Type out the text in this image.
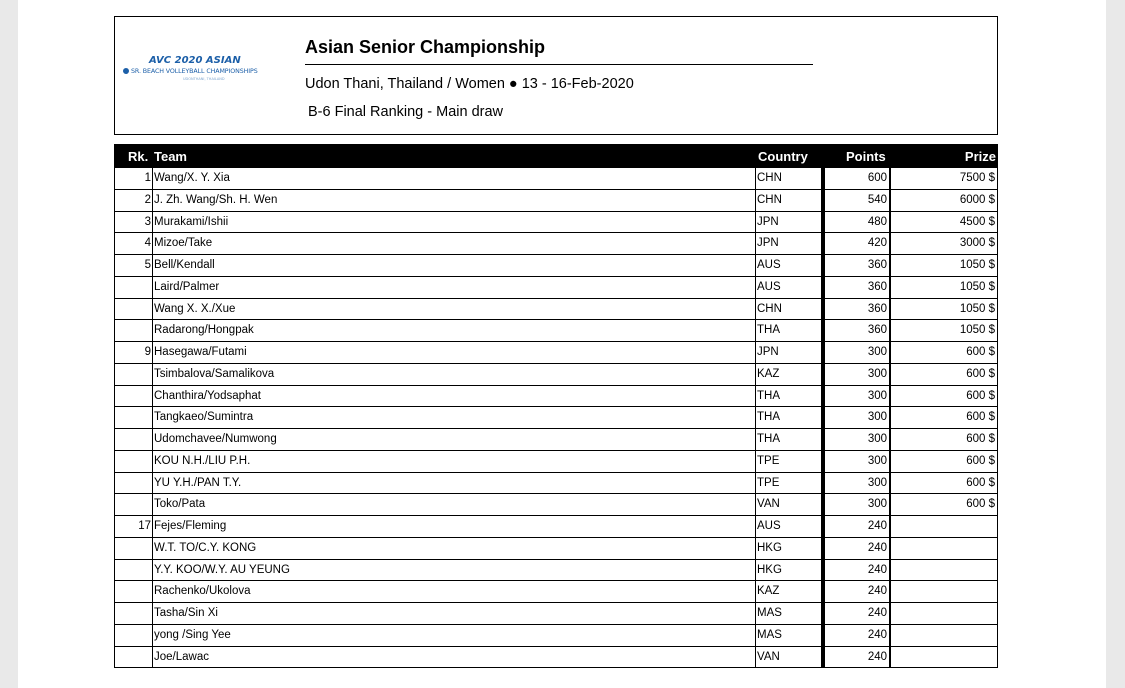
AVC 2020 ASIAN
SR. BEACH VOLLEYBALL CHAMPIONSHIPS
UDONTHANI, THAILAND
Asian Senior Championship
Udon Thani, Thailand / Women ● 13 - 16-Feb-2020
B-6 Final Ranking - Main draw
Rk. Team	Country	Points	Prize
1 Wang/X. Y. Xia	CHN	600	7500 $
2 J. Zh. Wang/Sh. H. Wen	CHN	540	6000 $
3 Murakami/Ishii	JPN	480	4500 $
4 Mizoe/Take	JPN	420	3000 $
5 Bell/Kendall	AUS	360	1050 $
Laird/Palmer	AUS	360	1050 $
Wang X. X./Xue	CHN	360	1050 $
Radarong/Hongpak	THA	360	1050 $
9 Hasegawa/Futami	JPN	300	600 $
Tsimbalova/Samalikova	KAZ	300	600 $
Chanthira/Yodsaphat	THA	300	600 $
Tangkaeo/Sumintra	THA	300	600 $
Udomchavee/Numwong	THA	300	600 $
KOU N.H./LIU P.H.	TPE	300	600 $
YU Y.H./PAN T.Y.	TPE	300	600 $
Toko/Pata	VAN	300	600 $
17 Fejes/Fleming	AUS	240
W.T. TO/C.Y. KONG	HKG	240
Y.Y. KOO/W.Y. AU YEUNG	HKG	240
Rachenko/Ukolova	KAZ	240
Tasha/Sin Xi	MAS	240
yong /Sing Yee	MAS	240
Joe/Lawac	VAN	240
